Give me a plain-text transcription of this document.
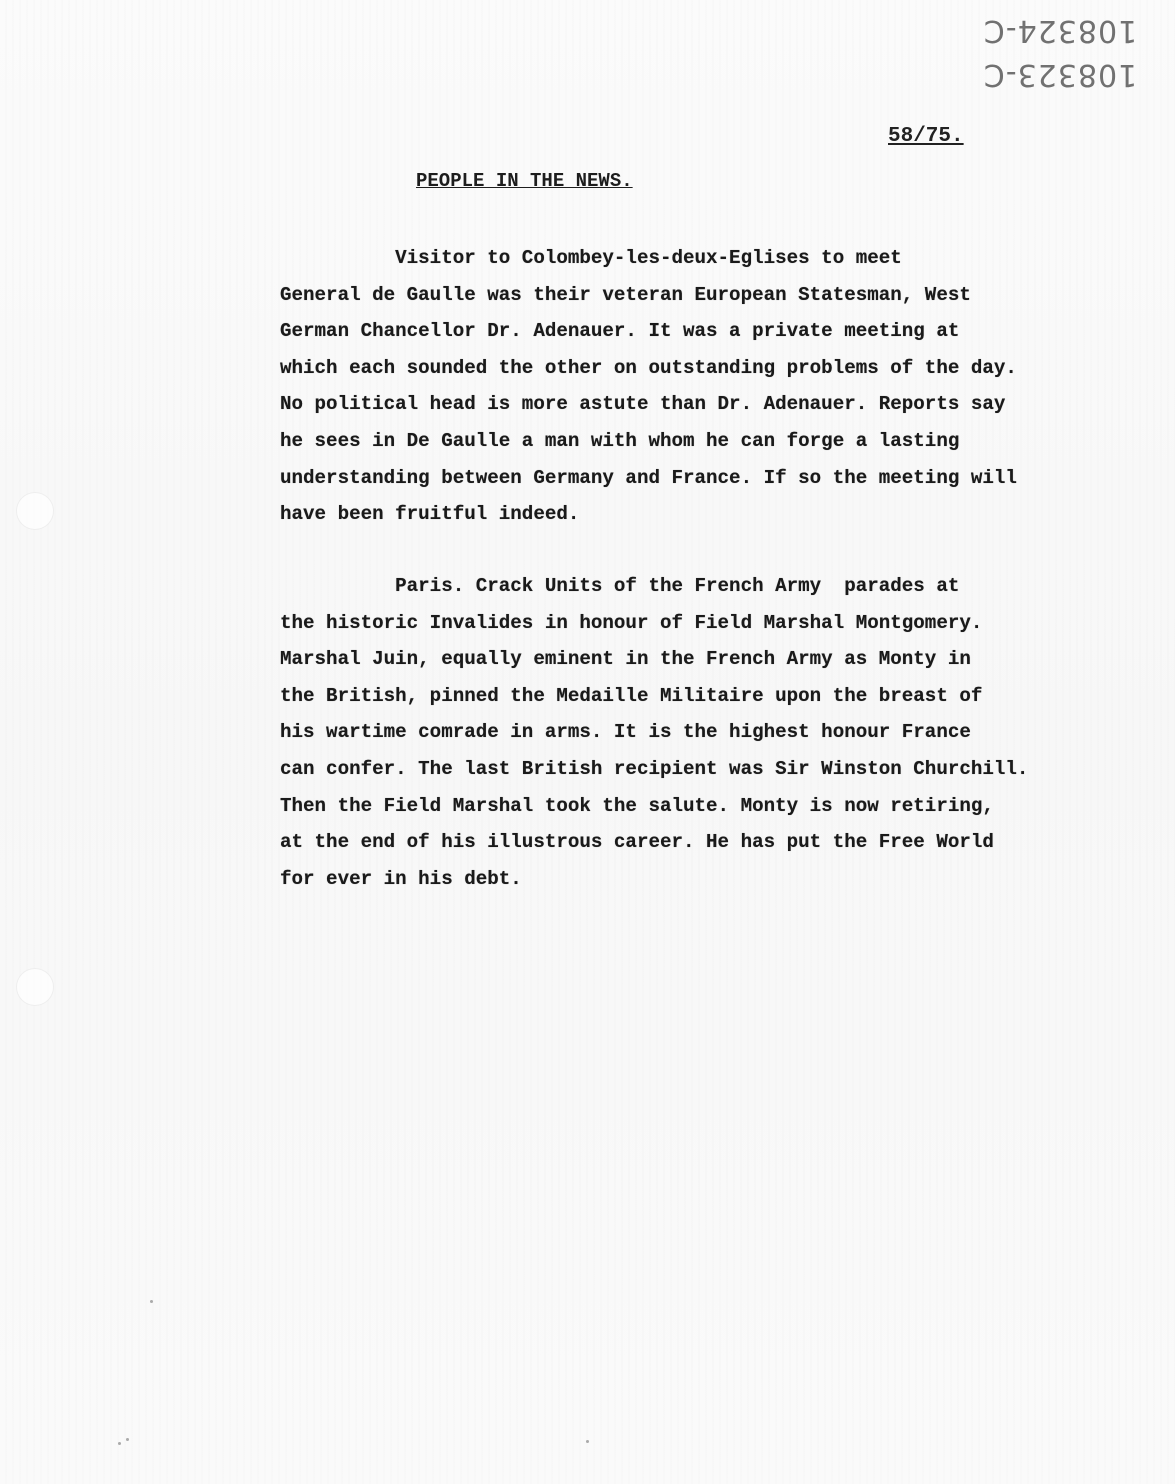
108323-C
108324-C
58/75.
PEOPLE IN THE NEWS.
Visitor to Colombey-les-deux-Eglises to meet
General de Gaulle was their veteran European Statesman, West
German Chancellor Dr. Adenauer. It was a private meeting at
which each sounded the other on outstanding problems of the day.
No political head is more astute than Dr. Adenauer. Reports say
he sees in De Gaulle a man with whom he can forge a lasting
understanding between Germany and France. If so the meeting will
have been fruitful indeed.
Paris. Crack Units of the French Army  parades at
the historic Invalides in honour of Field Marshal Montgomery.
Marshal Juin, equally eminent in the French Army as Monty in
the British, pinned the Medaille Militaire upon the breast of
his wartime comrade in arms. It is the highest honour France
can confer. The last British recipient was Sir Winston Churchill.
Then the Field Marshal took the salute. Monty is now retiring,
at the end of his illustrous career. He has put the Free World
for ever in his debt.
